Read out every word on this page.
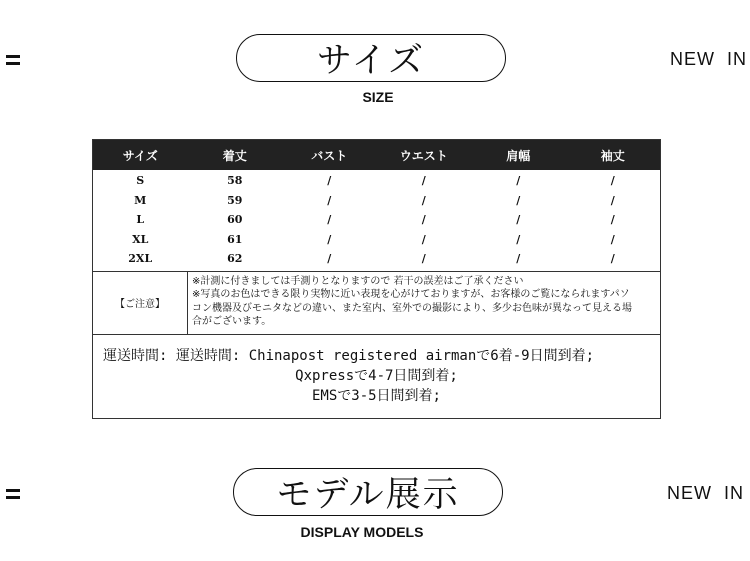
サイズ
SIZE
NEW  IN
サイズ	着丈	バスト	ウエスト	肩幅	袖丈
S	58	/	/	/	/
M	59	/	/	/	/
L	60	/	/	/	/
XL	61	/	/	/	/
2XL	62	/	/	/	/
【ご注意】
※計測に付きましては手測りとなりますので 若干の誤差はご了承ください
※写真のお色はできる限り実物に近い表現を心がけておりますが、お客様のご覧になられますパソ
コン機器及びモニタなどの違い、また室内、室外での撮影により、多少お色味が異なって見える場
合がございます。
運送時間: 運送時間: Chinapost registered airmanで6着-9日間到着;
Qxpressで4-7日間到着;
EMSで3-5日間到着;
モデル展示
DISPLAY MODELS
NEW  IN
